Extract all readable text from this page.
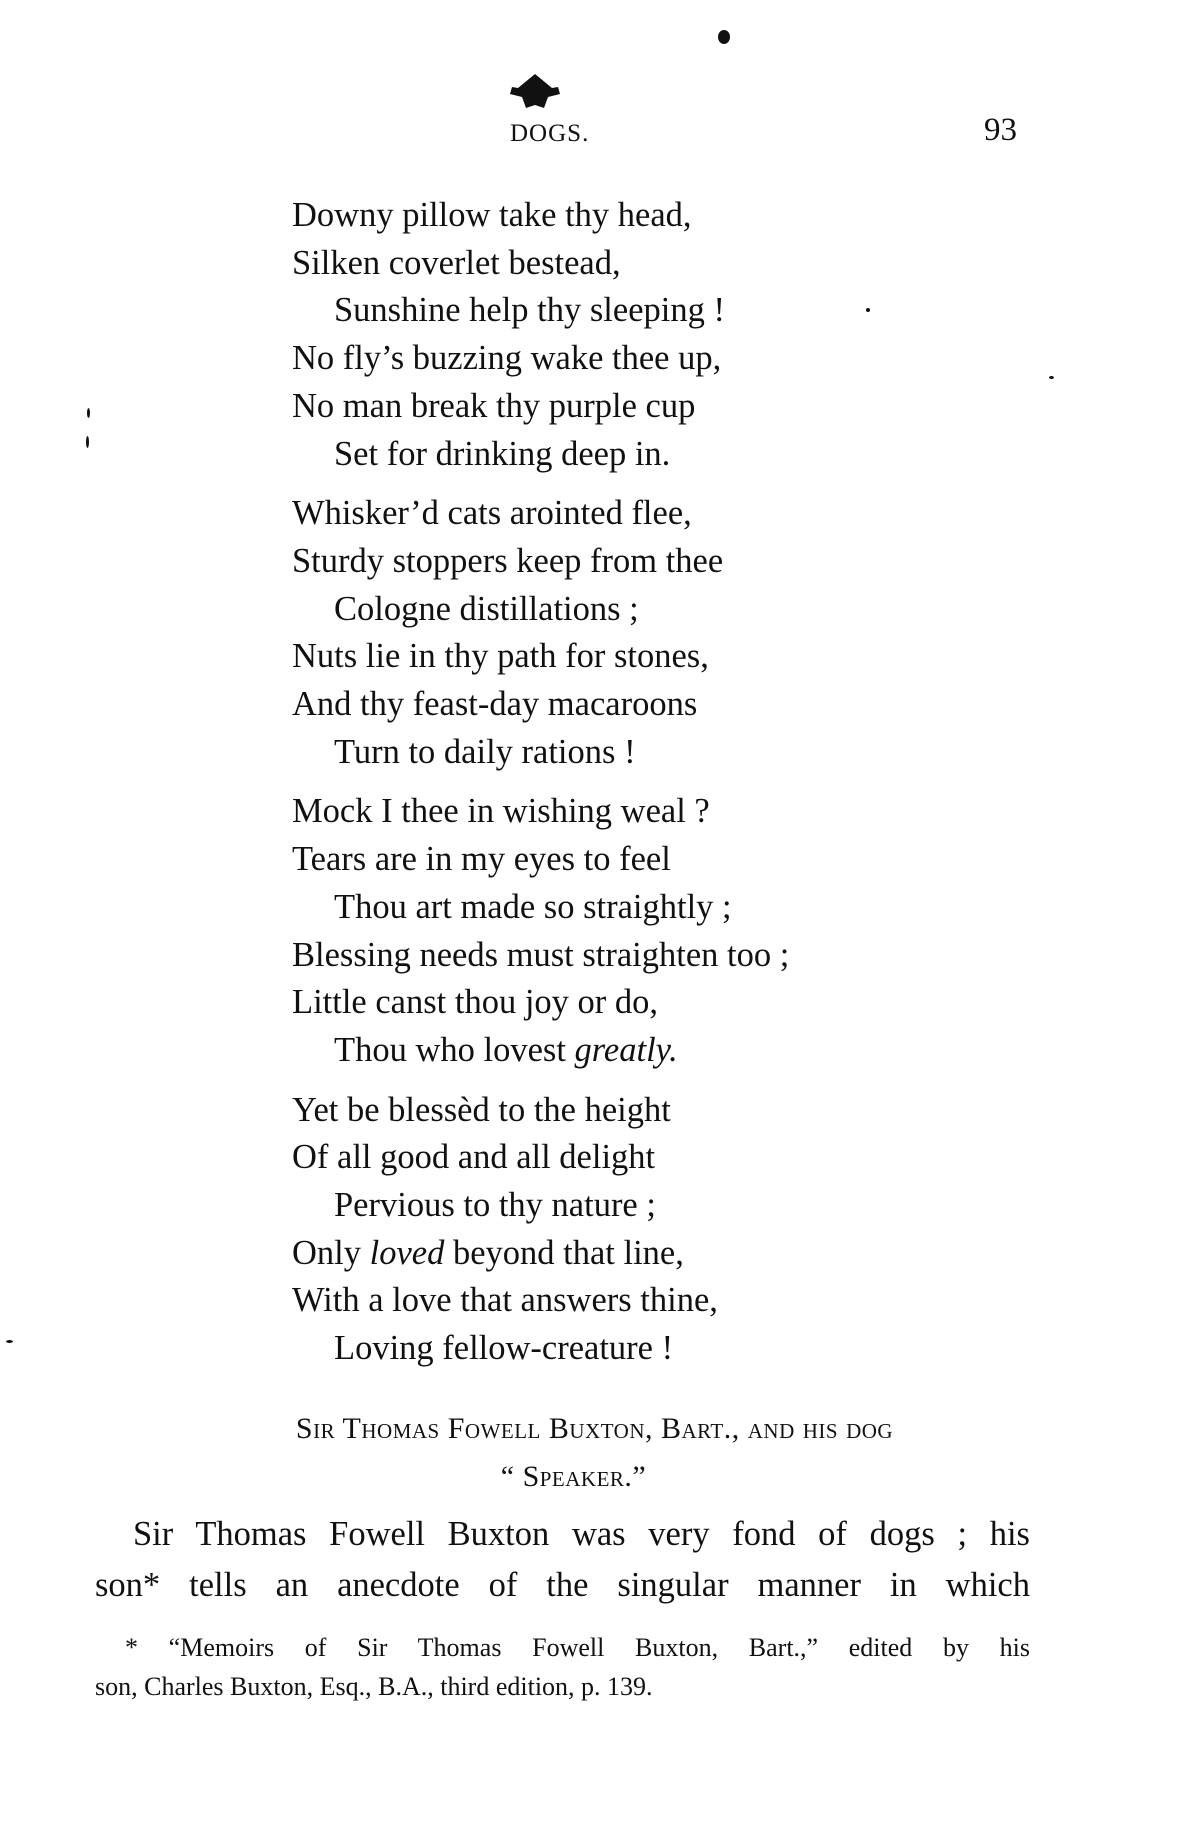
DOGS.	93
Downy pillow take thy head,
Silken coverlet bestead,
Sunshine help thy sleeping !
No fly’s buzzing wake thee up,
No man break thy purple cup
Set for drinking deep in.
Whisker’d cats arointed flee,
Sturdy stoppers keep from thee
Cologne distillations ;
Nuts lie in thy path for stones,
And thy feast-day macaroons
Turn to daily rations !
Mock I thee in wishing weal ?
Tears are in my eyes to feel
Thou art made so straightly ;
Blessing needs must straighten too ;
Little canst thou joy or do,
Thou who lovest greatly.
Yet be blessèd to the height
Of all good and all delight
Pervious to thy nature ;
Only loved beyond that line,
With a love that answers thine,
Loving fellow-creature !
Sir Thomas Fowell Buxton, Bart., and his dog
“ Speaker.”
Sir Thomas Fowell Buxton was very fond of dogs ; his
son* tells an anecdote of the singular manner in which
* “Memoirs of Sir Thomas Fowell Buxton, Bart.,” edited by his
son, Charles Buxton, Esq., B.A., third edition, p. 139.
